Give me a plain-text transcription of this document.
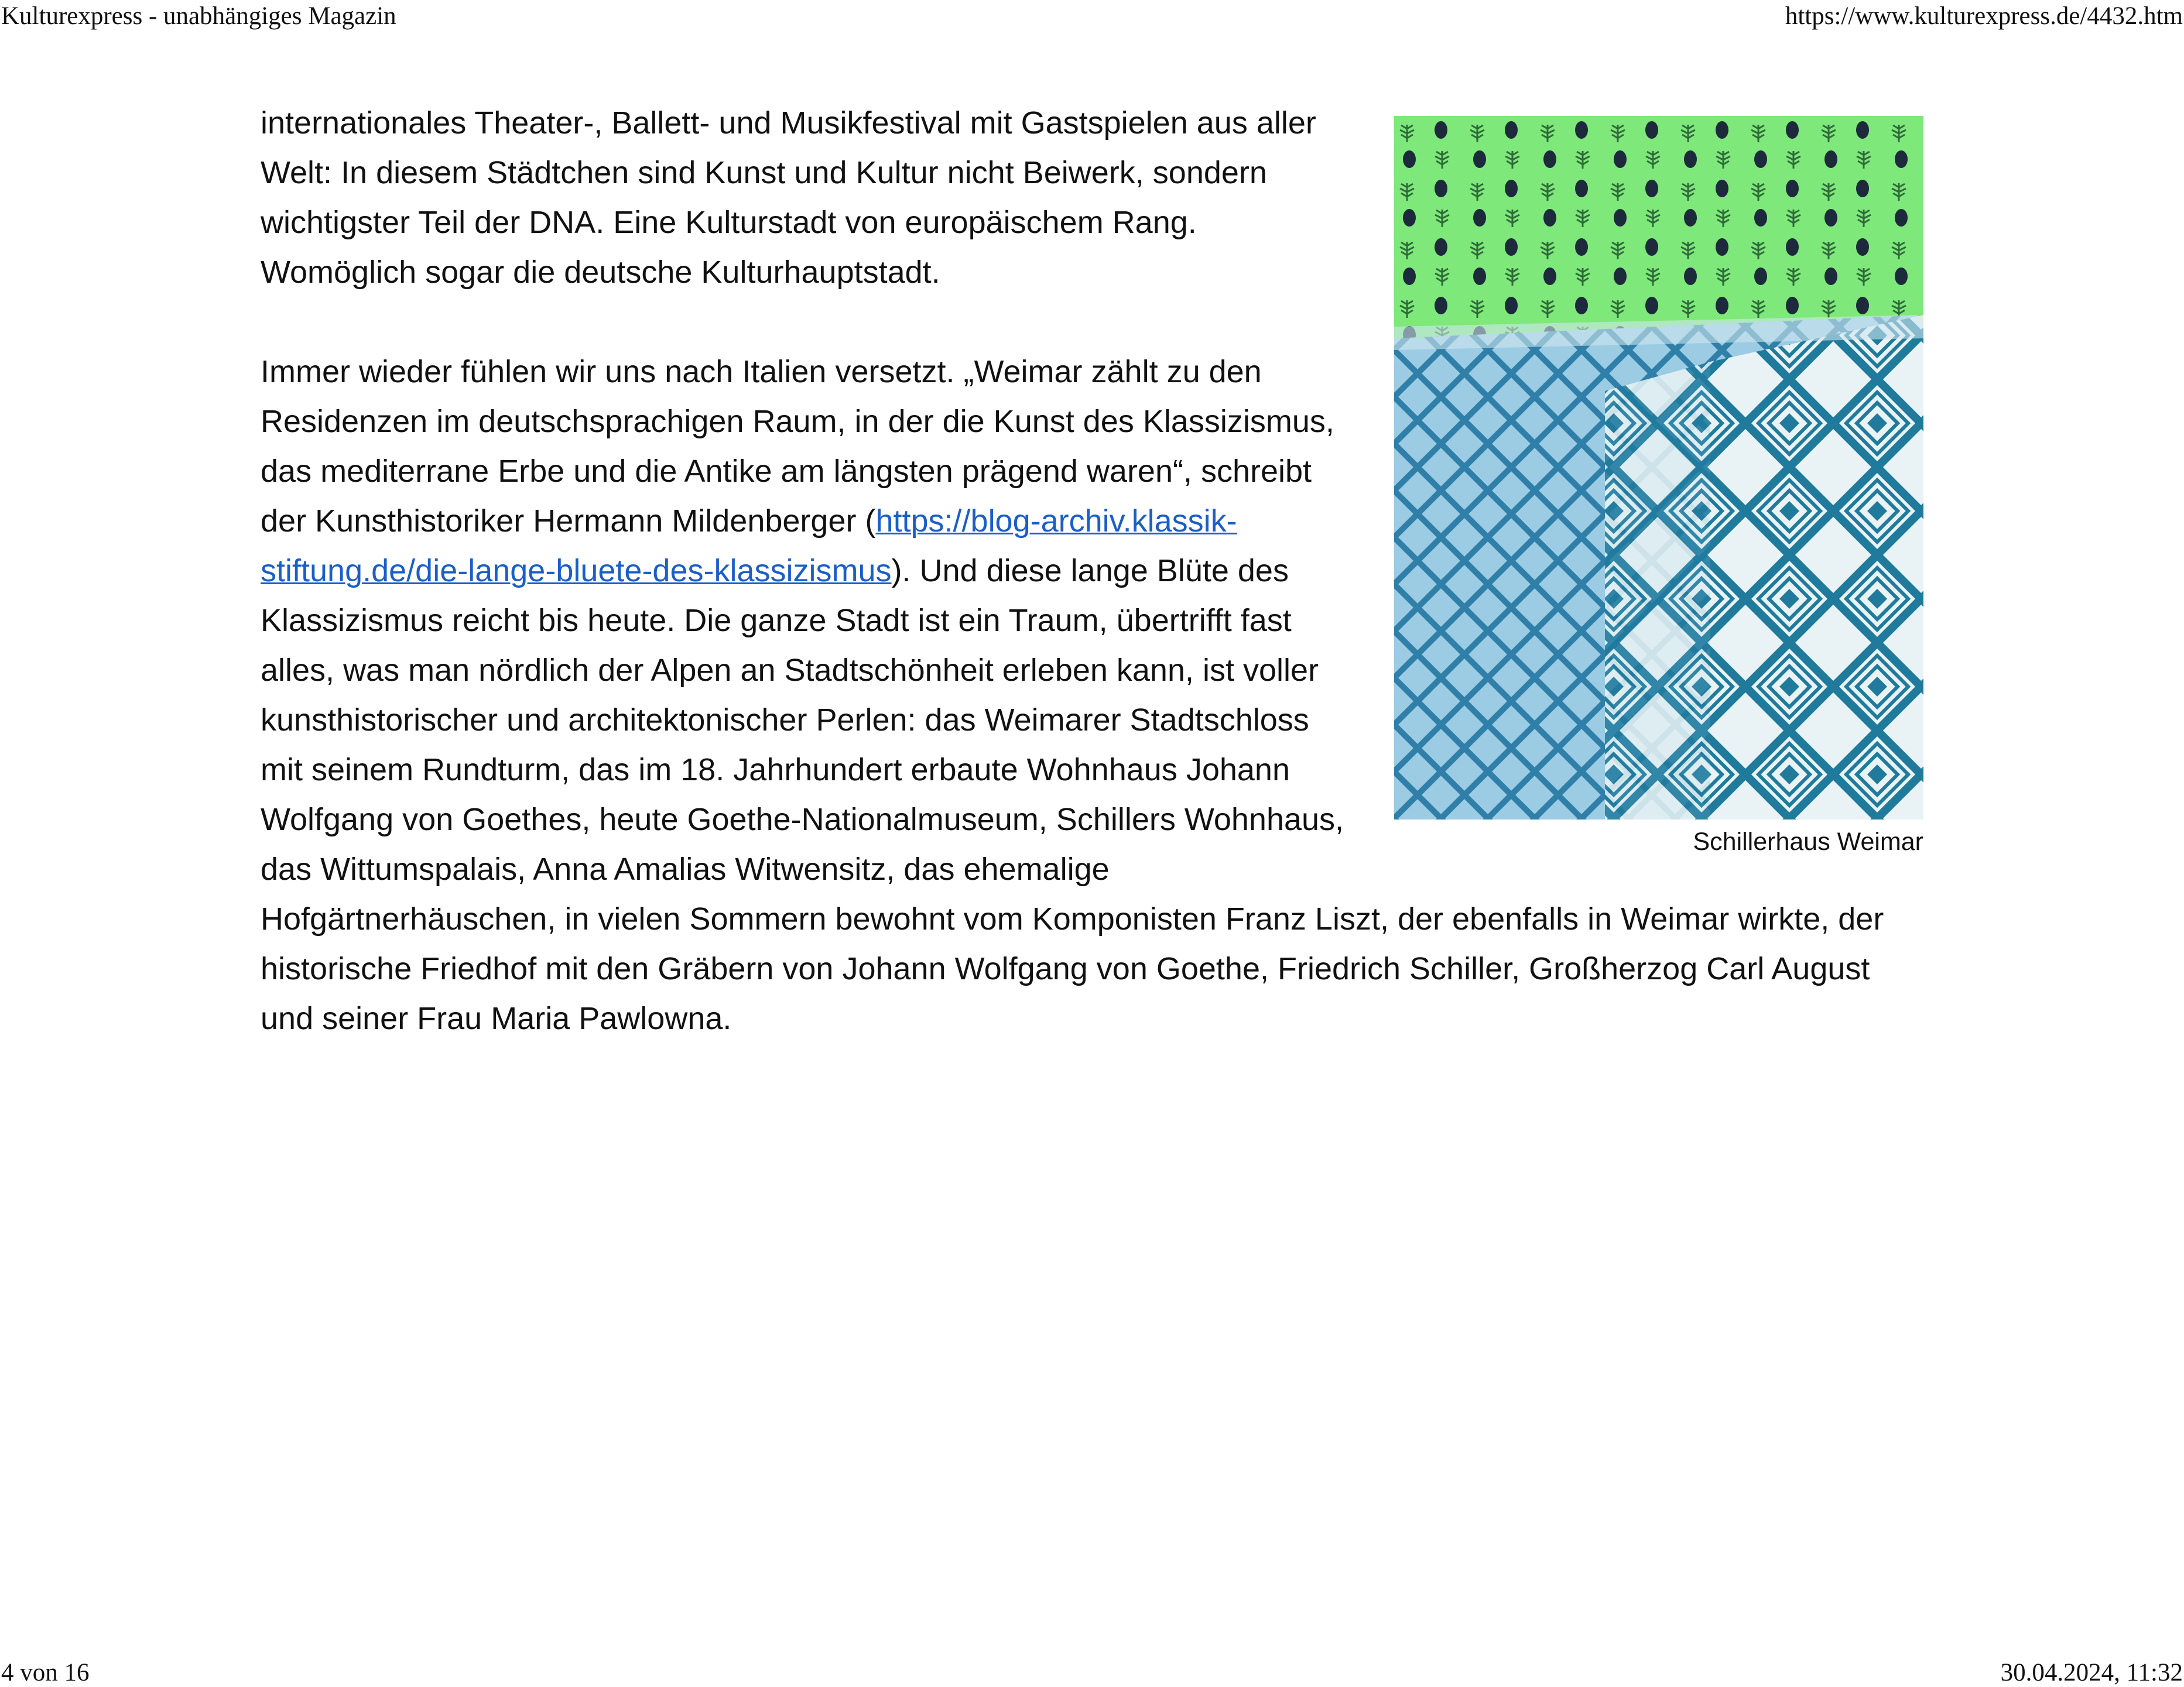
Kulturexpress - unabhängiges Magazin	https://www.kulturexpress.de/4432.htm
Schillerhaus Weimar

internationales Theater-, Ballett- und Musikfestival mit Gastspielen aus aller Welt: In diesem Städtchen sind Kunst und Kultur nicht Beiwerk, sondern wichtigster Teil der DNA. Eine Kulturstadt von europäischem Rang. Womöglich sogar die deutsche Kulturhauptstadt.

Immer wieder fühlen wir uns nach Italien versetzt. „Weimar zählt zu den Residenzen im deutschsprachigen Raum, in der die Kunst des Klassizismus, das mediterrane Erbe und die Antike am längsten prägend waren“, schreibt der Kunsthistoriker Hermann Mildenberger (https://blog-archiv.klassik-stiftung.de/die-lange-bluete-des-klassizismus). Und diese lange Blüte des Klassizismus reicht bis heute. Die ganze Stadt ist ein Traum, übertrifft fast alles, was man nördlich der Alpen an Stadtschönheit erleben kann, ist voller kunsthistorischer und architektonischer Perlen: das Weimarer Stadtschloss mit seinem Rundturm, das im 18. Jahrhundert erbaute Wohnhaus Johann Wolfgang von Goethes, heute Goethe-Nationalmuseum, Schillers Wohnhaus, das Wittumspalais, Anna Amalias Witwensitz, das ehemalige Hofgärtnerhäuschen, in vielen Sommern bewohnt vom Komponisten Franz Liszt, der ebenfalls in Weimar wirkte, der historische Friedhof mit den Gräbern von Johann Wolfgang von Goethe, Friedrich Schiller, Großherzog Carl August und seiner Frau Maria Pawlowna.

4 von 16	30.04.2024, 11:32
